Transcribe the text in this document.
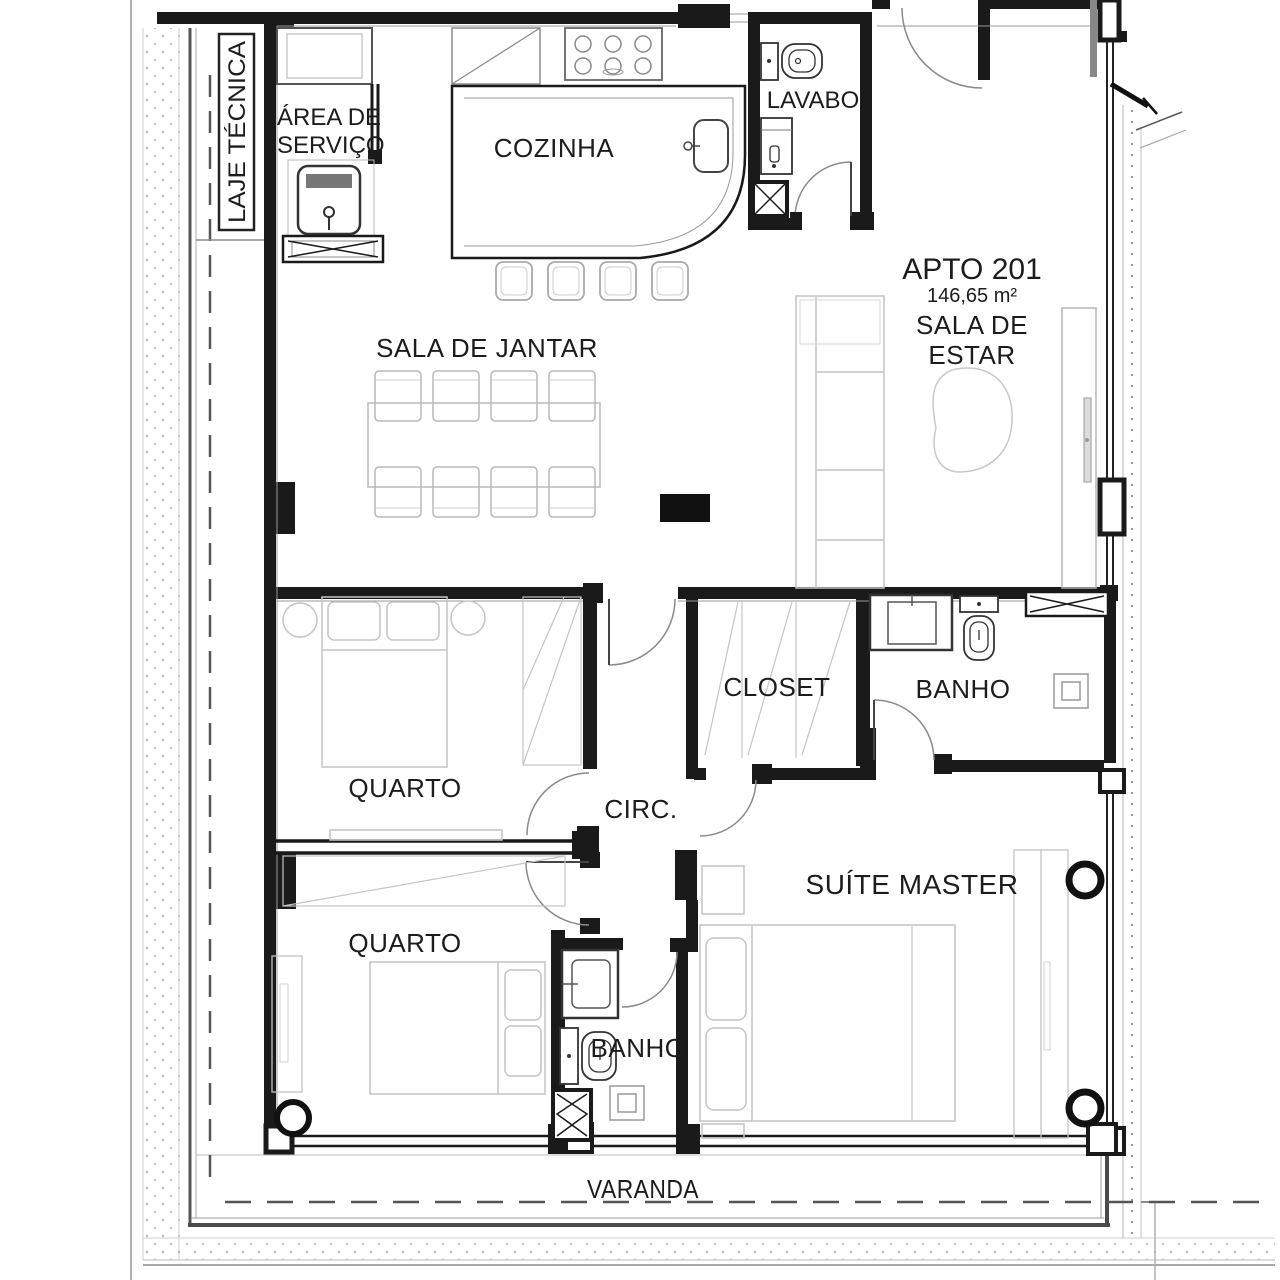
LAJE TÉCNICA ÁREA DE
SERVIÇO	COZINHA
LAVABO
APTO 201
146,65 m²
SALA DE
ESTAR
SALA DE JANTAR
QUARTO
CLOSET	BANHO
CIRC.
QUARTO
BANHO
SUÍTE MASTER
VARANDA
